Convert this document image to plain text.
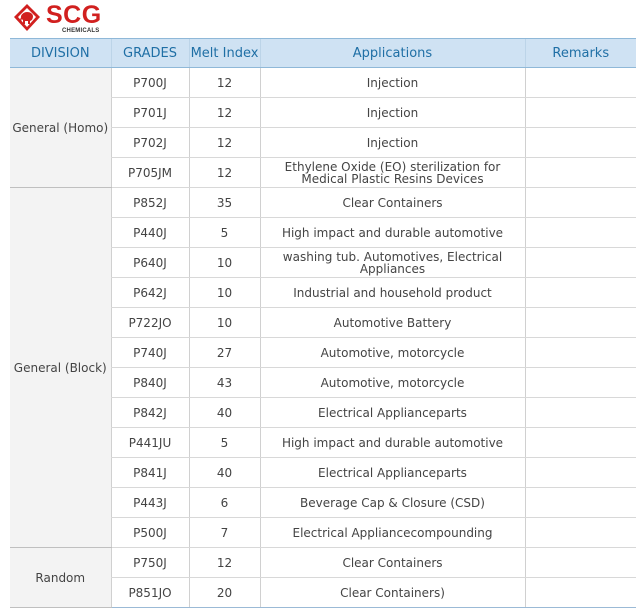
SCG
CHEMICALS
DIVISION	GRADES	Melt Index	Applications	Remarks
General (Homo)	P700J	12	Injection	
	P701J	12	Injection	
	P702J	12	Injection	
	P705JM	12	Ethylene Oxide (EO) sterilization for
Medical Plastic Resins Devices	
General (Block)	P852J	35	Clear Containers	
	P440J	5	High impact and durable automotive	
	P640J	10	washing tub. Automotives, Electrical Appliances	
	P642J	10	Industrial and household product	
	P722JO	10	Automotive Battery	
	P740J	27	Automotive, motorcycle	
	P840J	43	Automotive, motorcycle	
	P842J	40	Electrical Applianceparts	
	P441JU	5	High impact and durable automotive	
	P841J	40	Electrical Applianceparts	
	P443J	6	Beverage Cap & Closure (CSD)	
	P500J	7	Electrical Appliancecompounding	
Random	P750J	12	Clear Containers	
	P851JO	20	Clear Containers)	
